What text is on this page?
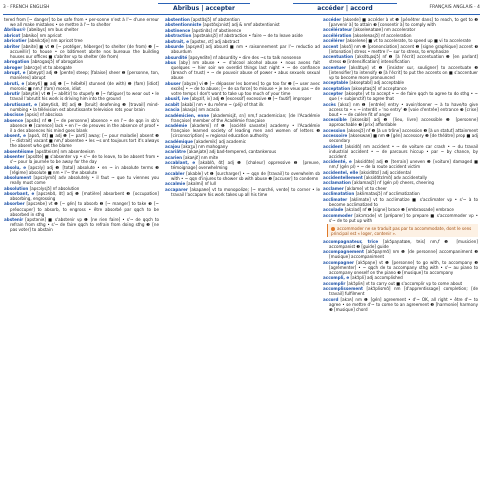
3 · FRENCH ENGLISH	Abribus | accepter	accéder | accord	FRANÇAIS ANGLAIS · 4
tered from [~ danger] to be safe from • per-sonne n'est à l'~ d'une erreur we all make mistakes • se mettre à l'~ to shelter
Abribus® [abʀibys] nm bus shelter
abricot [abʀiko] nm apricot
abricotier [abʀikɔtje] nm apricot tree
abriter [abʀite] ■ vt ❶ [~ protéger, héberger] to shelter (de from) ❷ [~ accueillir] to house • ce bâtiment abrite nos bureaux the building houses our offices ■ s'abriter vp to shelter (de from)
abrogation [abʀɔgasjɔ̃] nf abrogation
abroger [abʀɔʒe] vt to abrogate
abrupt, e [abʀypt] adj ❶ [pente] steep; [falaise] sheer ❷ [personne, ton, manières] abrupt
abruti, e [abʀyti] ■ adj ❶ [~ hébété] stunned (de with) ❷ (fam) [idiot] moronic ■ nm,f (fam) moron, idiot
abrutir [abʀytiʀ] vt ❶ [~ abêtir] to stupefy ❷ [~ fatiguer] to wear out • le travail l'abrutit his work is driving him into the ground
abrutissant, e [abʀytisɑ̃, ɑ̃t] adj ❶ [bruit] deafening ❷ [travail] mind-numbing • la télévision est abrutissante television rots your brain
abscisse [apsis] nf abscissa
absence [apsɑ̃s] nf ❶ [~ de personne] absence • en l'~ de qqn in sb's absence ❷ [carence] lack • en l'~ de preuves in the absence of proof • il a des absences his mind goes blank
absent, e [apsɑ̃, ɑ̃t] ■ adj ❶ [~ parti] away; [~ pour maladie] absent ❷ [~ distrait] vacant ■ nm,f absentee • les ~s ont toujours tort it's always the absent who get the blame
absentéisme [apsɑ̃teism] nm absenteeism
absenter [apsɑ̃te] ■ s'absenter vp • s'~ de to leave, to be absent from • s'~ pour la journée to be away for the day
absolu, e [apsɔly] adj ❶ [total] absolute • en ~ in absolute terms ❷ [régime] absolute ■ nm • l'~ the absolute
absolument [apsɔlymɑ̃] adv absolutely • il faut ~ que tu viennes you really must come
absolution [apsɔlysjɔ̃] nf absolution
absorbant, e [apsɔʀbɑ̃, ɑ̃t] adj ❶ [matière] absorbent ❷ [occupation] absorbing, engrossing
absorber [apsɔʀbe] vt ❶ [~ gén] to absorb ❷ [~ manger] to take ❸ [~ préoccuper] to absorb, to engross • être absorbé par qqch to be absorbed in sthg
abstenir [apstəniʀ] ■ s'abstenir vp ❶ [ne rien faire] • s'~ de qqch to refrain from sthg • s'~ de faire qqch to refrain from doing sthg ❷ [ne pas voter] to abstain
abstention [apstɑ̃sjɔ̃] nf abstention
abstentionniste [apstɑ̃sjɔnist] adj & nmf abstentionist
abstinence [apstinɑ̃s] nf abstinence
abstraction [apstʀaksjɔ̃] nf abstraction • faire ~ de to leave aside
abstrait, e [apstʀɛ, ɛt] adj abstract
absurde [apsyʀd] adj absurd ■ nm • raisonnement par l'~ reductio ad absurdum
absurdité [apsyʀdite] nf absurdity • dire des ~s to talk nonsense
abus [aby] nm abuse • ~ d'alcool alcohol abuse • nous avons fait quelques ~ hier soir we overdid things last night • ~ de confiance (breach of trust) • ~ de pouvoir abuse of power • abus sexuels sexual abuse
abuser [abyze] vi ❶ [~ dépasser les bornes] to go too far ❷ [~ user avec excès] • ~ de to abuse; [~ de sa force] to misuse • je ne veux pas ~ de votre temps I don't want to take up too much of your time
abusif, ive [abyzif, iv] adj ❶ [excessif] excessive ❷ [~ fautif] improper
acabit [akabi] nm • du même ~ (péj) of that ilk
acacia [akasja] nm acacia
académicien, enne [akademisjɛ̃, ɛn] nm,f academician; [de l'Académie française] member of the Académie française
académie [akademi] nf ❶ [société savante] academy • l'Académie française learned society of leading men and women of letters ❷ [circonscription] ≈ regional education authority
académique [akademik] adj academic
acajou [akaʒu] nm mahogany
acariâtre [akaʀjatʀ] adj bad-tempered, cantankerous
acarien [akaʀjɛ̃] nm mite
accablant, e [akablɑ̃, ɑ̃t] adj ❶ [chaleur] oppressive ❷ [preuve, témoignage] overwhelming
accabler [akable] vt ❶ [surcharger] • ~ qqn de [travail] to overwhelm sb with • ~ qqn d'injures to shower sb with abuse ❷ [accuser] to condemn
accalmie [akalmi] nf lull
accaparer [akapaʀe] vt to monopolize; [~ marché, vente] to corner • le travail l'accapare his work takes up all his time
accéder [aksede] ■ accéder à vt ❶ [pénétrer dans] to reach, to get to ❷ [parvenir à] to attain ❸ [consentir à] to comply with
accélérateur [akseleʀatœʀ] nm accelerator
accélération [akseleʀasjɔ̃] nf acceleration
accélérer [akseleʀe] ■ vt to accelerate, to speed up ■ vi to accelerate
accent [aksɑ̃] nm ❶ [prononciation] accent ❷ [signe graphique] accent ❸ [intonation] stress • mettre l'~ sur to stress, to emphasize
accentuation [aksɑ̃tɥasjɔ̃] nf ❶ [à l'écrit] accentuation ❷ [en parlant] stress ❸ [intensification] intensification
accentuer [aksɑ̃tɥe] vt ❶ [insister sur, souligner] to accentuate ❷ [intensifier] to intensify ❸ [à l'écrit] to put the accents on ■ s'accentuer vp to become more pronounced
acceptable [akseptabl] adj acceptable
acceptation [akseptasjɔ̃] nf acceptance
accepter [aksepte] vt to accept • ~ de faire qqch to agree to do sthg • ~ que (+ subjonctif) to agree that
accès [aksɛ] nm ❶ [entrée] entry • avoir/donner ~ à to have/to give access to • « ~ interdit » 'no entry' ❷ [voie d'entrée] entrance ❸ [crise] bout • ~ de colère fit of anger
accessible [aksesibl] adj ❶ [lieu, livre] accessible ❷ [personne] approachable ❸ [prix] affordable
accession [aksesjɔ̃] nf ❶ [à un trône] accession ❷ [à un statut] attainment
accessoire [akseswaʀ] ■ nm ❶ [gén] accessory ❷ [de théâtre] prop ■ adj secondary
accident [aksidɑ̃] nm accident • ~ de voiture car crash • ~ du travail industrial accident • ~ de parcours hiccup • par ~ by chance, by accident
accidenté, e [aksidɑ̃te] adj ❶ [terrain] uneven ❷ [voiture] damaged ■ nm,f (gén pl) • ~ de la route accident victim
accidentel, elle [aksidɑ̃tɛl] adj accidental
accidentellement [aksidɑ̃tɛlmɑ̃] adv accidentally
acclamation [aklamasjɔ̃] nf (gén pl) cheers, cheering
acclamer [aklame] vt to cheer
acclimatation [aklimatasjɔ̃] nf acclimatization
acclimater [aklimate] vt to acclimatize ■ s'acclimater vp • s'~ à to become acclimatized to
accolade [akɔlad] nf ❶ [signe] brace ❷ [embrassade] embrace
accommoder [akɔmɔde] vt [préparer] to prepare ■ s'accommoder vp • s'~ de to put up with
accommoder ne se traduit pas par to accommodate, dont le sens principal est « loger, contenir ».
accompagnateur, trice [akɔ̃paɲatœʀ, tʀis] nm,f ❶ [musicien] accompanist ❷ [guide] guide
accompagnement [akɔ̃paɲmɑ̃] nm ❶ [de personne] accompaniment ❷ [musique] accompaniment
accompagner [akɔ̃paɲe] vt ❶ [personne] to go with, to accompany ❷ [agrémenter] • ~ qqch de to accompany sthg with • s'~ au piano to accompany oneself on the piano ❸ [musique] to accompany
accompli, e [akɔ̃pli] adj accomplished
accomplir [akɔ̃pliʀ] vt to carry out ■ s'accomplir vp to come about
accomplissement [akɔ̃plismɑ̃] nm [d'apprentissage] completion; [de travail] fulfilment
accord [akɔʀ] nm ❶ [gén] agreement • d'~ OK, all right • être d'~ to agree • se mettre d'~ to come to an agreement ❷ [harmonie] harmony ❸ [musique] chord
